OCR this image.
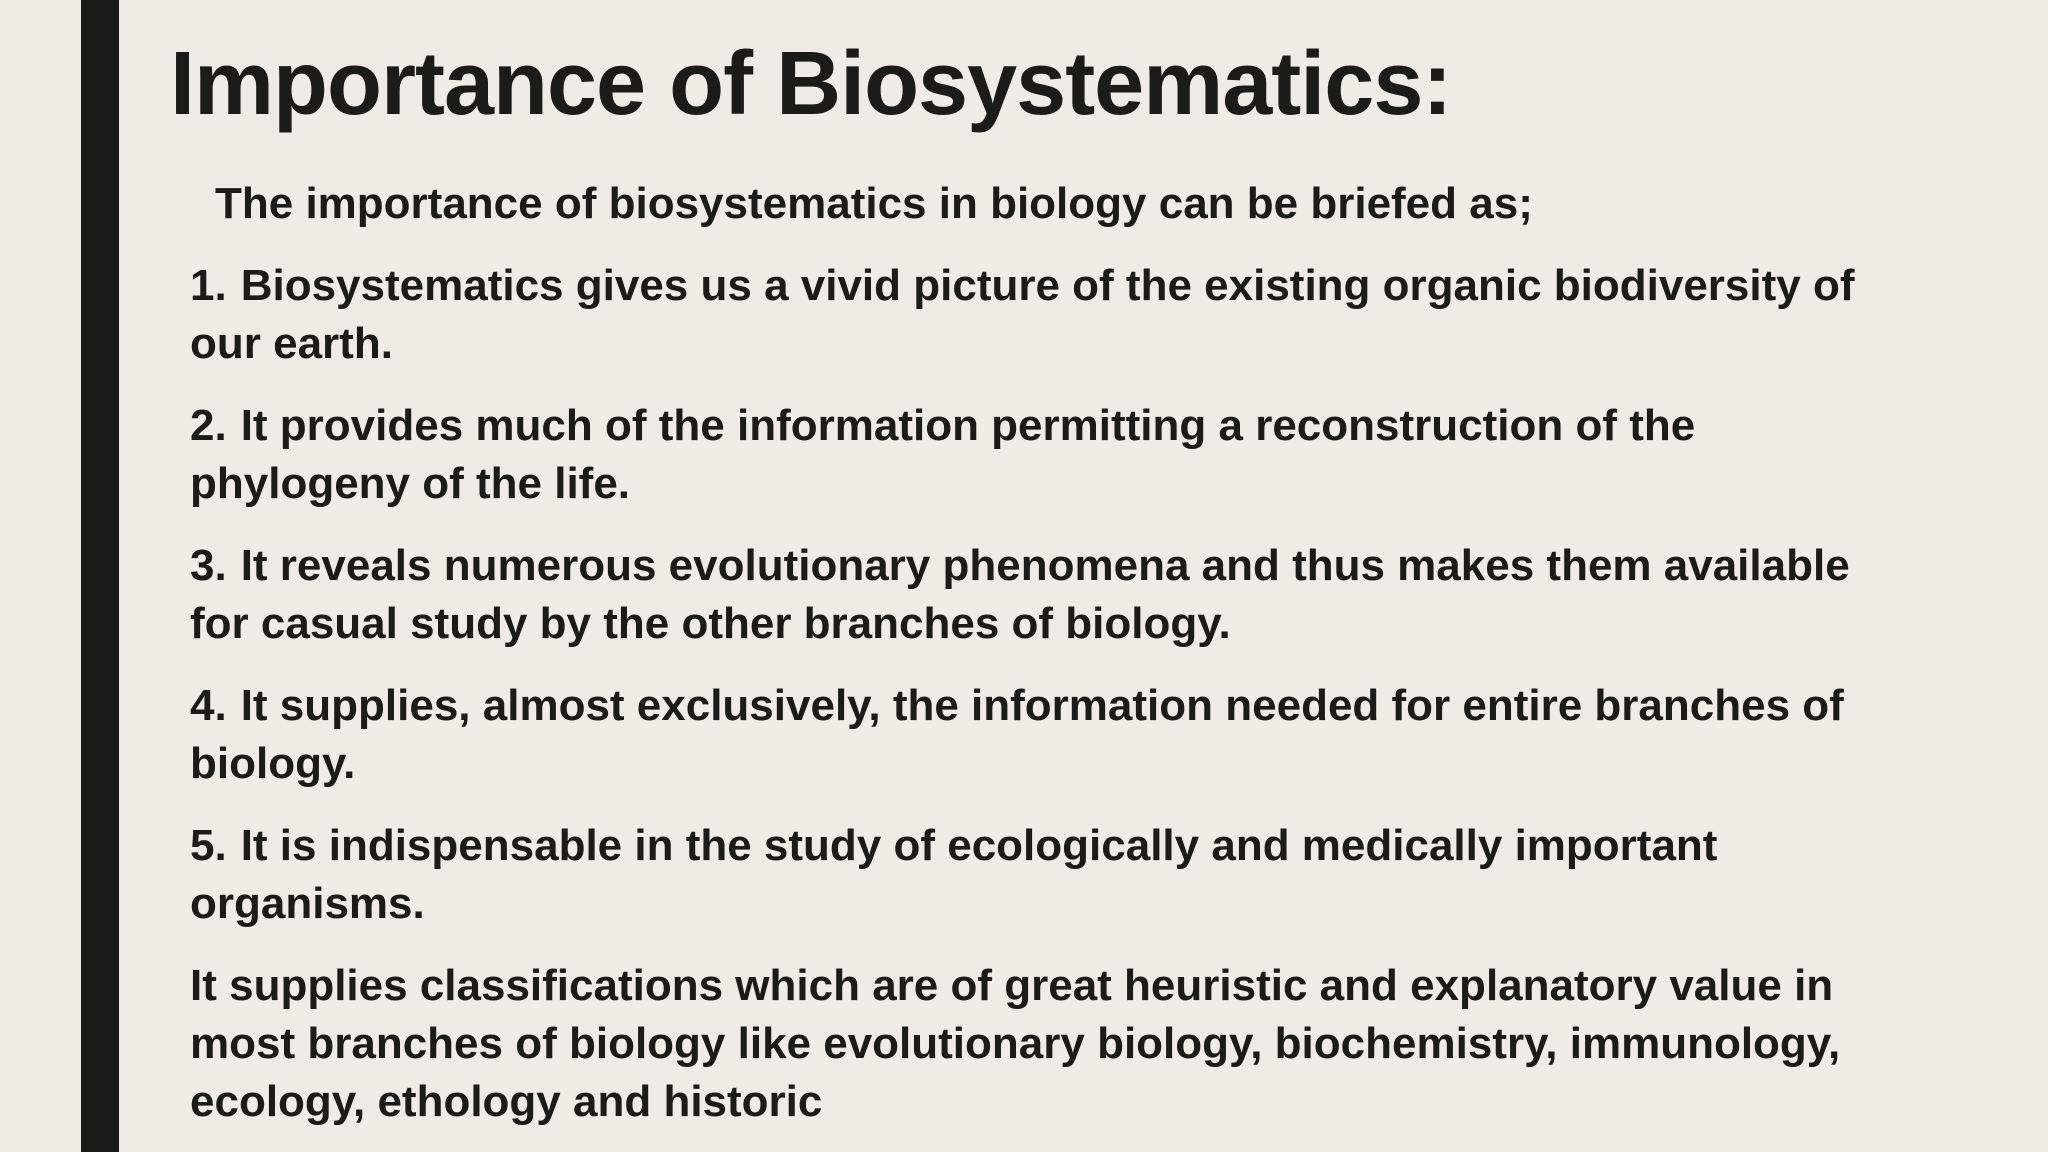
Importance of Biosystematics:

The importance of biosystematics in biology can be briefed as;

1. Biosystematics gives us a vivid picture of the existing organic biodiversity of our earth.

2. It provides much of the information permitting a reconstruction of the phylogeny of the life.

3. It reveals numerous evolutionary phenomena and thus makes them available for casual study by the other branches of biology.

4. It supplies, almost exclusively, the information needed for entire branches of biology.

5. It is indispensable in the study of ecologically and medically important organisms.

It supplies classifications which are of great heuristic and explanatory value in most branches of biology like evolutionary biology, biochemistry, immunology, ecology, ethology and historic
